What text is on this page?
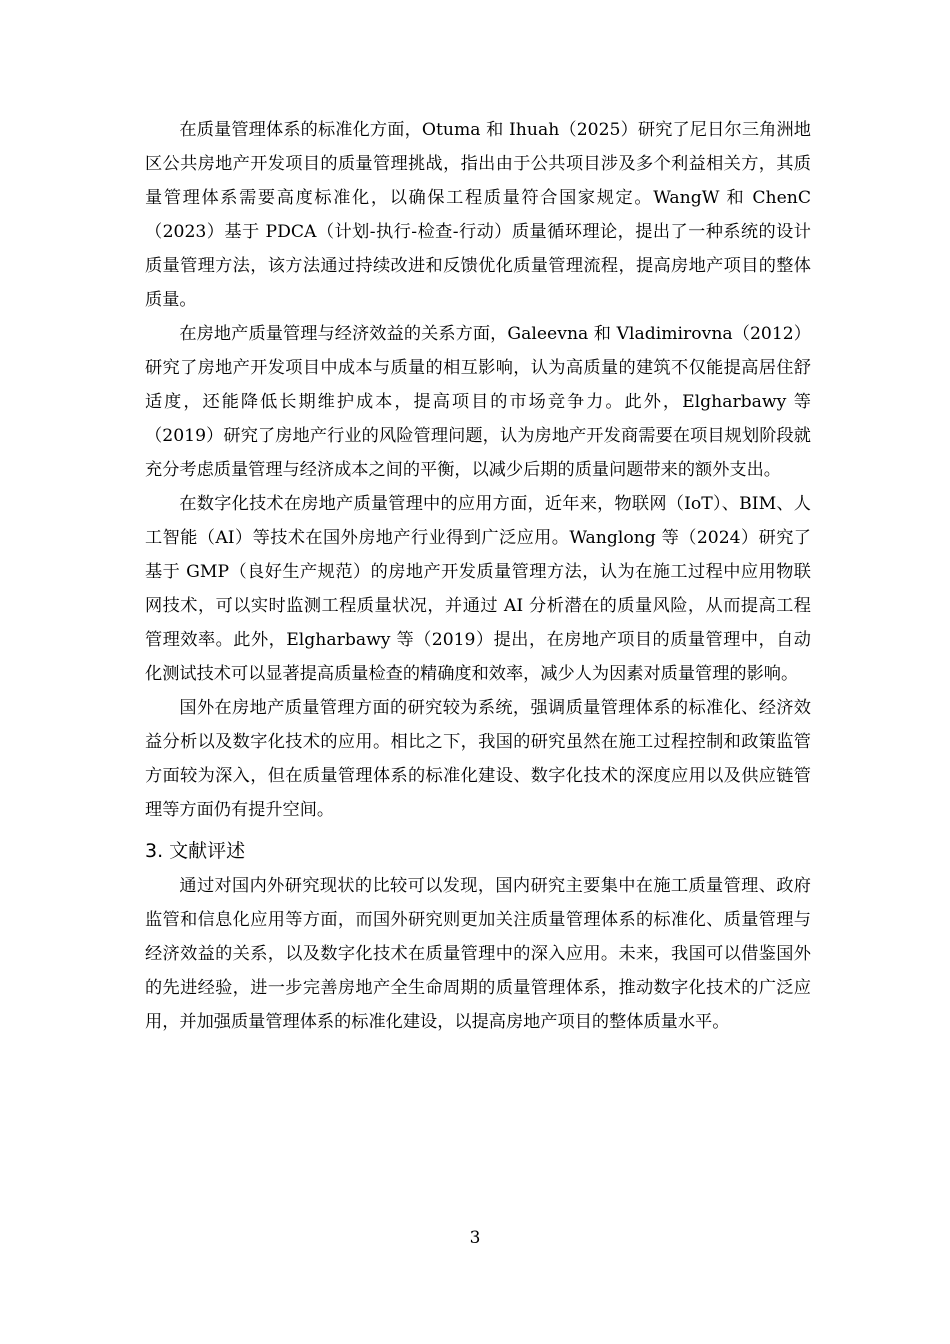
在质量管理体系的标准化方面，Otuma 和 Ihuah（2025）研究了尼日尔三角洲地区公共房地产开发项目的质量管理挑战，指出由于公共项目涉及多个利益相关方，其质量管理体系需要高度标准化，以确保工程质量符合国家规定。WangW 和 ChenC（2023）基于 PDCA（计划-执行-检查-行动）质量循环理论，提出了一种系统的设计质量管理方法，该方法通过持续改进和反馈优化质量管理流程，提高房地产项目的整体质量。

在房地产质量管理与经济效益的关系方面，Galeevna 和 Vladimirovna（2012）研究了房地产开发项目中成本与质量的相互影响，认为高质量的建筑不仅能提高居住舒适度，还能降低长期维护成本，提高项目的市场竞争力。此外，Elgharbawy 等（2019）研究了房地产行业的风险管理问题，认为房地产开发商需要在项目规划阶段就充分考虑质量管理与经济成本之间的平衡，以减少后期的质量问题带来的额外支出。

在数字化技术在房地产质量管理中的应用方面，近年来，物联网（IoT）、BIM、人工智能（AI）等技术在国外房地产行业得到广泛应用。Wanglong 等（2024）研究了基于 GMP（良好生产规范）的房地产开发质量管理方法，认为在施工过程中应用物联网技术，可以实时监测工程质量状况，并通过 AI 分析潜在的质量风险，从而提高工程管理效率。此外，Elgharbawy 等（2019）提出，在房地产项目的质量管理中，自动化测试技术可以显著提高质量检查的精确度和效率，减少人为因素对质量管理的影响。

国外在房地产质量管理方面的研究较为系统，强调质量管理体系的标准化、经济效益分析以及数字化技术的应用。相比之下，我国的研究虽然在施工过程控制和政策监管方面较为深入，但在质量管理体系的标准化建设、数字化技术的深度应用以及供应链管理等方面仍有提升空间。

3. 文献评述

通过对国内外研究现状的比较可以发现，国内研究主要集中在施工质量管理、政府监管和信息化应用等方面，而国外研究则更加关注质量管理体系的标准化、质量管理与经济效益的关系，以及数字化技术在质量管理中的深入应用。未来，我国可以借鉴国外的先进经验，进一步完善房地产全生命周期的质量管理体系，推动数字化技术的广泛应用，并加强质量管理体系的标准化建设，以提高房地产项目的整体质量水平。

3
